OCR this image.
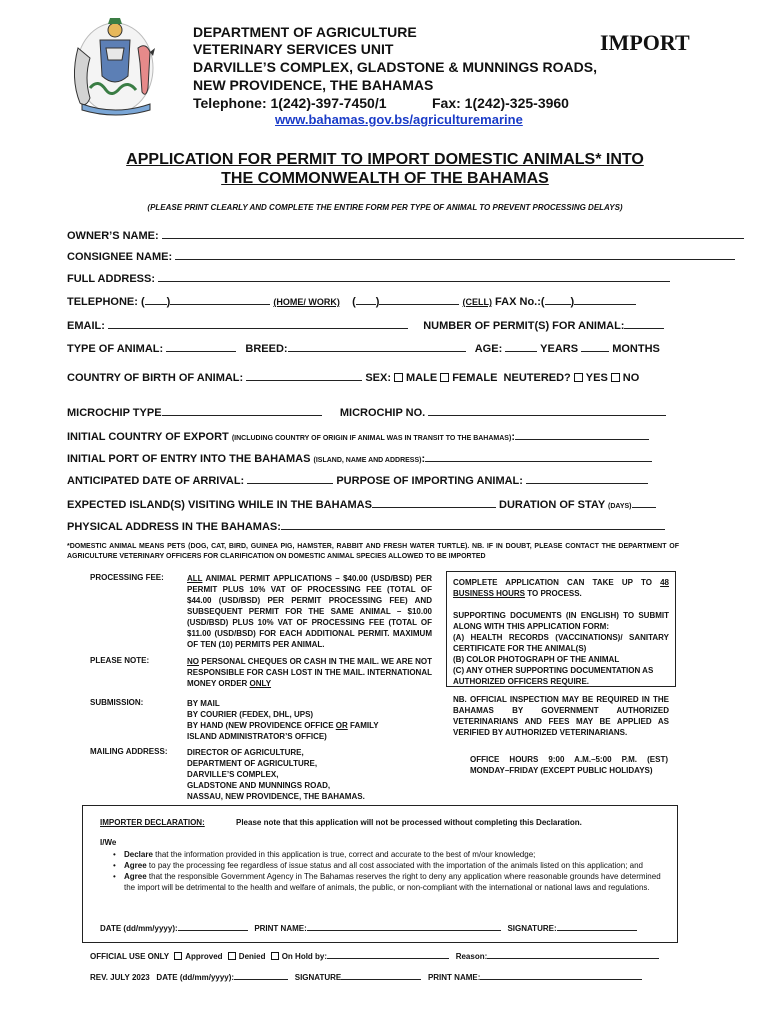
DEPARTMENT OF AGRICULTURE
VETERINARY SERVICES UNIT
DARVILLE’S COMPLEX, GLADSTONE & MUNNINGS ROADS,
NEW PROVIDENCE, THE BAHAMAS
Telephone: 1(242)-397-7450/1	Fax: 1(242)-325-3960
www.bahamas.gov.bs/agriculturemarine
IMPORT
APPLICATION FOR PERMIT TO IMPORT DOMESTIC ANIMALS* INTO
THE COMMONWEALTH OF THE BAHAMAS
(PLEASE PRINT CLEARLY AND COMPLETE THE ENTIRE FORM PER TYPE OF ANIMAL TO PREVENT PROCESSING DELAYS)
OWNER’S NAME:
CONSIGNEE NAME:
FULL ADDRESS:
TELEPHONE: ( )	(HOME/ WORK)    ( )	(CELL) FAX No.:( )
EMAIL:	NUMBER OF PERMIT(S) FOR ANIMAL:
TYPE OF ANIMAL:	BREED:	AGE:	YEARS	MONTHS
COUNTRY OF BIRTH OF ANIMAL:	SEX: MALE FEMALE NEUTERED? YES NO
MICROCHIP TYPE	MICROCHIP NO.
INITIAL COUNTRY OF EXPORT (INCLUDING COUNTRY OF ORIGIN IF ANIMAL WAS IN TRANSIT TO THE BAHAMAS):
INITIAL PORT OF ENTRY INTO THE BAHAMAS (ISLAND, NAME AND ADDRESS):
ANTICIPATED DATE OF ARRIVAL:	PURPOSE OF IMPORTING ANIMAL:
EXPECTED ISLAND(S) VISITING WHILE IN THE BAHAMAS	DURATION OF STAY (DAYS)
PHYSICAL ADDRESS IN THE BAHAMAS:
*DOMESTIC ANIMAL MEANS PETS (DOG, CAT, BIRD, GUINEA PIG, HAMSTER, RABBIT AND FRESH WATER TURTLE). NB. IF IN DOUBT, PLEASE CONTACT THE DEPARTMENT OF AGRICULTURE VETERINARY OFFICERS FOR CLARIFICATION ON DOMESTIC ANIMAL SPECIES ALLOWED TO BE IMPORTED
PROCESSING FEE:	ALL ANIMAL PERMIT APPLICATIONS – $40.00 (USD/BSD) PER PERMIT PLUS 10% VAT OF PROCESSING FEE (TOTAL OF $44.00 (USD/BSD) PER PERMIT PROCESSING FEE) AND SUBSEQUENT PERMIT FOR THE SAME ANIMAL – $10.00 (USD/BSD) PLUS 10% VAT OF PROCESSING FEE (TOTAL OF $11.00 (USD/BSD) FOR EACH ADDITIONAL PERMIT. MAXIMUM OF TEN (10) PERMITS PER ANIMAL.
PLEASE NOTE:	NO PERSONAL CHEQUES OR CASH IN THE MAIL. WE ARE NOT RESPONSIBLE FOR CASH LOST IN THE MAIL. INTERNATIONAL MONEY ORDER ONLY
SUBMISSION:	BY MAIL
BY COURIER (FEDEX, DHL, UPS)
BY HAND (NEW PROVIDENCE OFFICE OR FAMILY
ISLAND ADMINISTRATOR’S OFFICE)
MAILING ADDRESS: DIRECTOR OF AGRICULTURE,
DEPARTMENT OF AGRICULTURE,
DARVILLE’S COMPLEX,
GLADSTONE AND MUNNINGS ROAD,
NASSAU, NEW PROVIDENCE, THE BAHAMAS.
COMPLETE APPLICATION CAN TAKE UP TO 48 BUSINESS HOURS TO PROCESS.
SUPPORTING DOCUMENTS (IN ENGLISH) TO SUBMIT ALONG WITH THIS APPLICATION FORM:
(A) HEALTH RECORDS (VACCINATIONS)/ SANITARY CERTIFICATE FOR THE ANIMAL(S)
(B) COLOR PHOTOGRAPH OF THE ANIMAL
(C) ANY OTHER SUPPORTING DOCUMENTATION AS AUTHORIZED OFFICERS REQUIRE.
NB. OFFICIAL INSPECTION MAY BE REQUIRED IN THE BAHAMAS BY GOVERNMENT AUTHORIZED VETERINARIANS AND FEES MAY BE APPLIED AS VERIFIED BY AUTHORIZED VETERINARIANS.
OFFICE HOURS 9:00 A.M.–5:00 P.M. (EST) MONDAY–FRIDAY (EXCEPT PUBLIC HOLIDAYS)
IMPORTER DECLARATION:	Please note that this application will not be processed without completing this Declaration.
I/We
• Declare that the information provided in this application is true, correct and accurate to the best of m/our knowledge;
• Agree to pay the processing fee regardless of issue status and all cost associated with the importation of the animals listed on this application; and
• Agree that the responsible Government Agency in The Bahamas reserves the right to deny any application where reasonable grounds have determined the import will be detrimental to the health and welfare of animals, the public, or non-compliant with the international or national laws and regulations.
DATE (dd/mm/yyyy):	PRINT NAME:	SIGNATURE:
OFFICIAL USE ONLY Approved Denied On Hold by:	Reason:
REV. JULY 2023 DATE (dd/mm/yyyy):	SIGNATURE	PRINT NAME:
